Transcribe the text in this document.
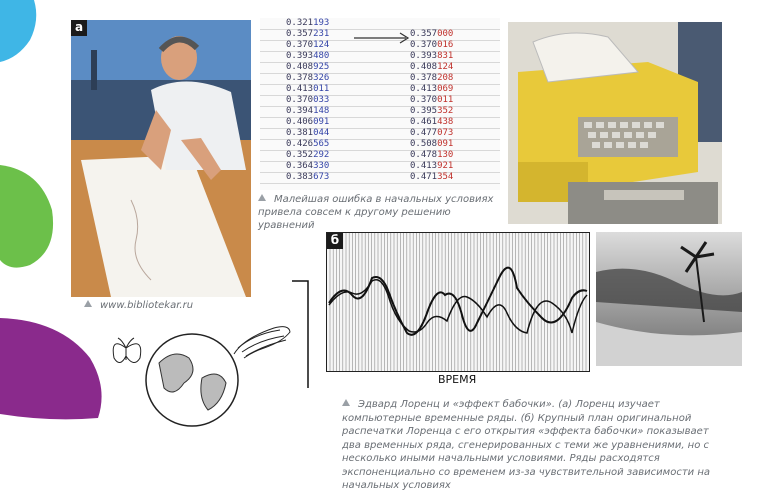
а
www.bibliotekar.ru
0.321193
0.357231	0.357000
0.370124	0.370016
0.393480	0.393831
0.408925	0.408124
0.378326	0.378208
0.413011	0.413069
0.370033	0.370011
0.394148	0.395352
0.406091	0.461438
0.381044	0.477073
0.426565	0.508091
0.352292	0.478130
0.364330	0.413921
0.383673	0.471354
Малейшая ошибка в начальных условиях привела совсем к другому решению уравнений
б
ВРЕМЯ
Эдвард Лоренц и «эффект бабочки». (а) Лоренц изучает компьютерные временные ряды. (б) Крупный план оригинальной распечатки Лоренца с его открытия «эффекта бабочки» показывает два временных ряда, сгенерированных с теми же уравнениями, но с несколько иными начальными условиями. Ряды расходятся экспоненциально со временем из-за чувствительной зависимости на начальных условиях
